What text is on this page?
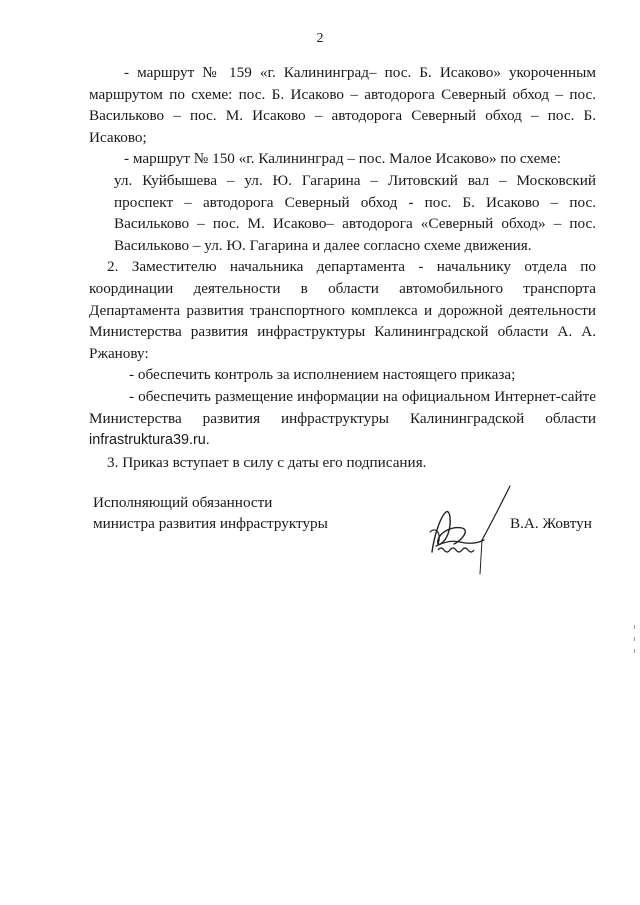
2

- маршрут № 159 «г. Калининград– пос. Б. Исаково» укороченным маршрутом по схеме: пос. Б. Исаково – автодорога Северный обход – пос. Васильково – пос. М. Исаково – автодорога Северный обход – пос. Б. Исаково;

- маршрут № 150 «г. Калининград – пос. Малое Исаково» по схеме:

ул. Куйбышева – ул. Ю. Гагарина – Литовский вал – Московский проспект – автодорога Северный обход - пос. Б. Исаково – пос. Васильково – пос. М. Исаково– автодорога «Северный обход» – пос. Васильково – ул. Ю. Гагарина и далее согласно схеме движения.

2. Заместителю начальника департамента - начальнику отдела по координации деятельности в области автомобильного транспорта Департамента развития транспортного комплекса и дорожной деятельности Министерства развития инфраструктуры Калининградской области А. А. Ржанову:

- обеспечить контроль за исполнением настоящего приказа;

- обеспечить размещение информации на официальном Интернет-сайте Министерства развития инфраструктуры Калининградской области infrastruktura39.ru.

3. Приказ вступает в силу с даты его подписания.

Исполняющий обязанности
министра развития инфраструктуры	В.А. Жовтун
